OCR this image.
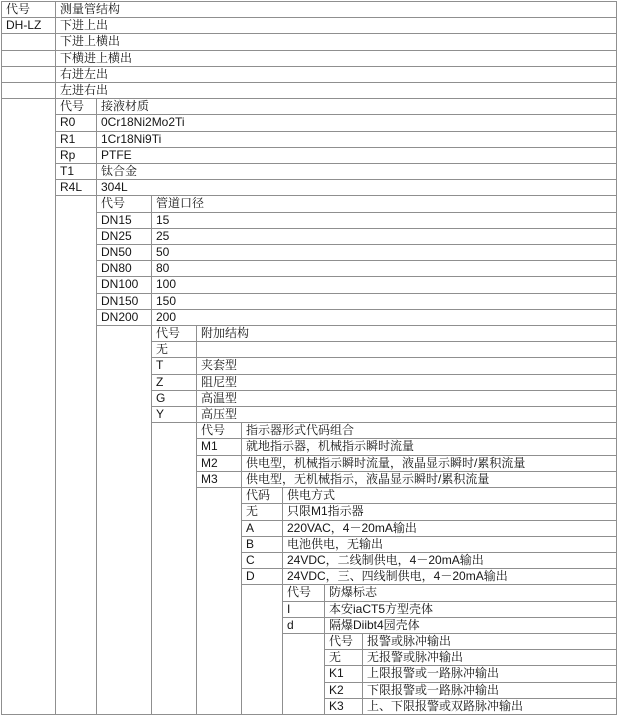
代号	测量管结构							
DH-LZ	下进上出							
	下进上横出							
	下横进上横出							
	右进左出							
	左进右出							
	代号	接液材质						
	R0	0Cr18Ni2Mo2Ti						
	R1	1Cr18Ni9Ti						
	Rp	PTFE						
	T1	钛合金						
	R4L	304L						
		代号	管道口径					
		DN15	15					
		DN25	25					
		DN50	50					
		DN80	80					
		DN100	100					
		DN150	150					
		DN200	200					
			代号	附加结构				
			无					
			T	夹套型				
			Z	阻尼型				
			G	高温型				
			Y	高压型				
				代号	指示器形式代码组合			
				M1	就地指示器，机械指示瞬时流量			
				M2	供电型，机械指示瞬时流量，液晶显示瞬时/累积流量			
				M3	供电型，无机械指示，液晶显示瞬时/累积流量			
					代码	供电方式		
					无	只限M1指示器		
					A	220VAC，4－20mA输出		
					B	电池供电，无输出		
					C	24VDC，二线制供电，4－20mA输出		
					D	24VDC，三、四线制供电，4－20mA输出		
						代号	防爆标志	
						I	本安iaCT5方型壳体	
						d	隔爆Diibt4园壳体	
							代号	报警或脉冲输出
							无	无报警或脉冲输出
							K1	上限报警或一路脉冲输出
							K2	下限报警或一路脉冲输出
							K3	上、下限报警或双路脉冲输出
